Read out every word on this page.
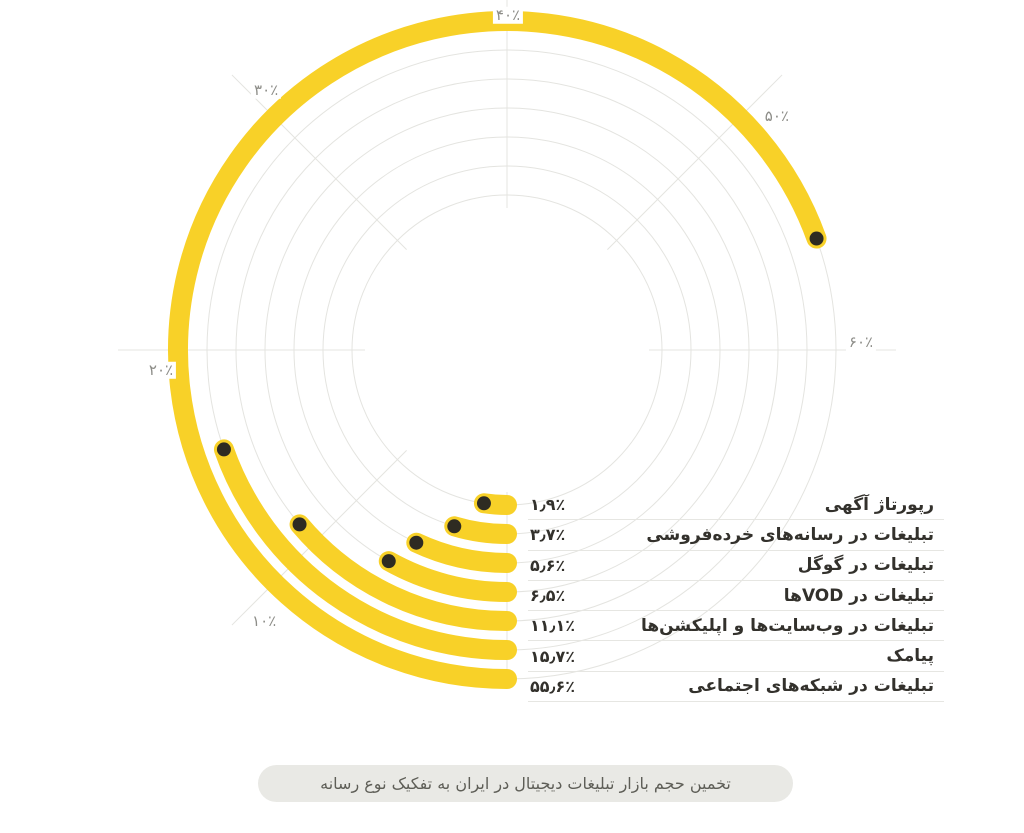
۱۰٪
۲۰٪
۳۰٪
۴۰٪
۵۰٪
۶۰٪
رپورتاژ آگهی
۱٫۹٪
تبلیغات در رسانه‌های خرده‌فروشی
۳٫۷٪
تبلیغات در گوگل
۵٫۶٪
تبلیغات در VODها
۶٫۵٪
تبلیغات در وب‌سایت‌ها و اپلیکشن‌ها
۱۱٫۱٪
پیامک
۱۵٫۷٪
تبلیغات در شبکه‌های اجتماعی
۵۵٫۶٪
تخمین حجم بازار تبلیغات دیجیتال در ایران به تفکیک نوع رسانه
